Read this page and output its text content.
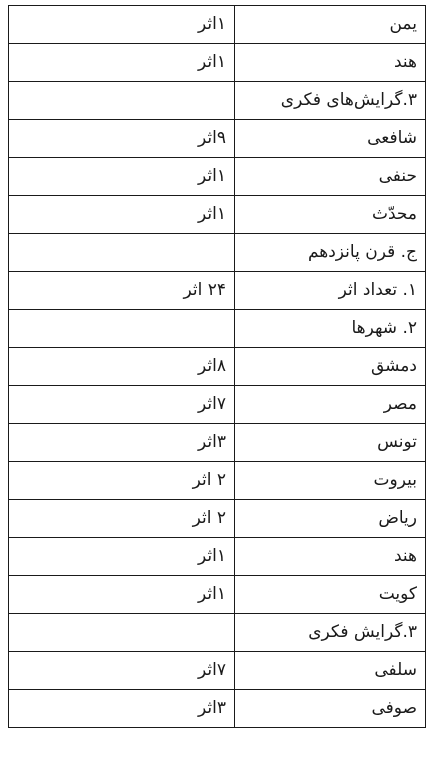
یمن	۱اثر
هند	۱اثر
۳.گرایش‌های فکری	
شافعی	۹اثر
حنفی	۱اثر
محدّث	۱اثر
ج. قرن پانزدهم	
۱. تعداد اثر	۲۴ اثر
۲. شهرها	
دمشق	۸اثر
مصر	۷اثر
تونس	۳اثر
بیروت	۲ اثر
ریاض	۲ اثر
هند	۱اثر
کویت	۱اثر
۳.گرایش فکری	
سلفی	۷اثر
صوفی	۳اثر
